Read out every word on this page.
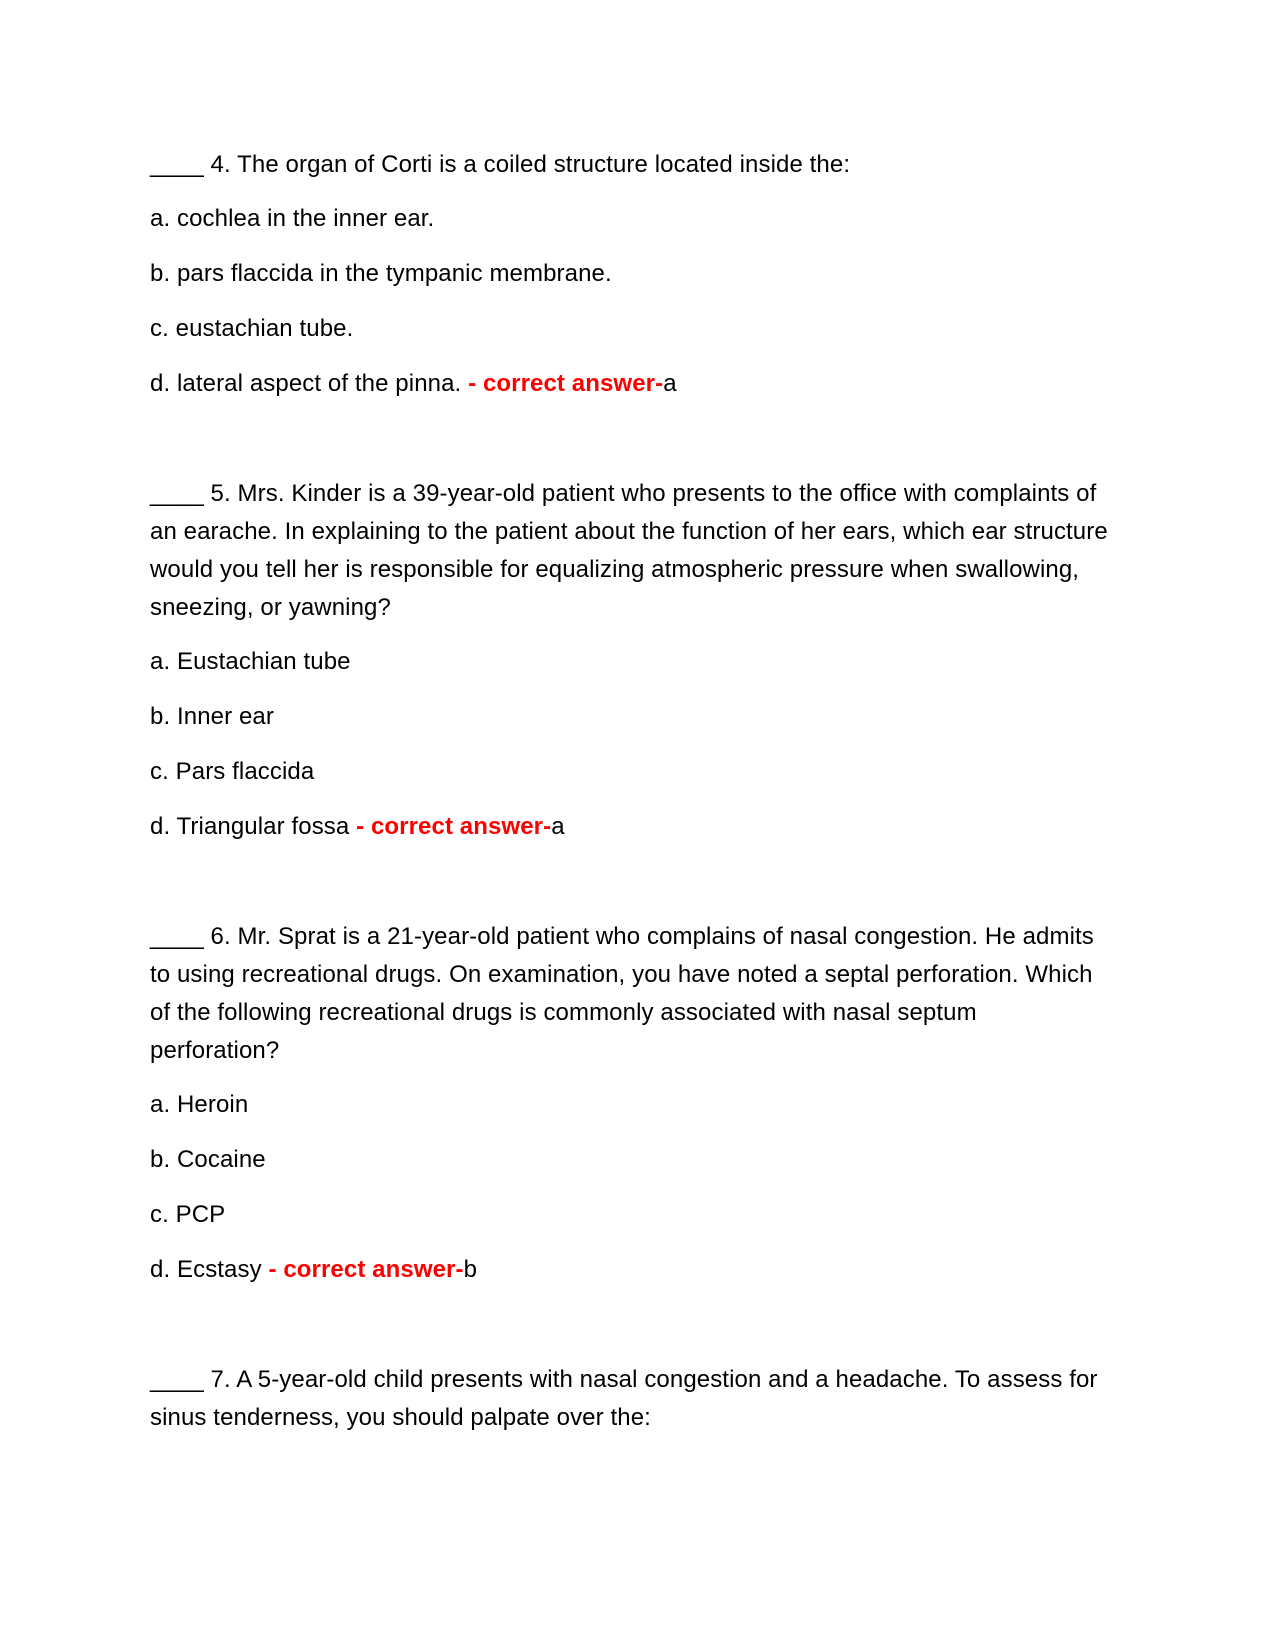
____ 4. The organ of Corti is a coiled structure located inside the:

a. cochlea in the inner ear.

b. pars flaccida in the tympanic membrane.

c. eustachian tube.

d. lateral aspect of the pinna. - correct answer-a

____ 5. Mrs. Kinder is a 39-year-old patient who presents to the office with complaints of an earache. In explaining to the patient about the function of her ears, which ear structure would you tell her is responsible for equalizing atmospheric pressure when swallowing, sneezing, or yawning?

a. Eustachian tube

b. Inner ear

c. Pars flaccida

d. Triangular fossa - correct answer-a

____ 6. Mr. Sprat is a 21-year-old patient who complains of nasal congestion. He admits to using recreational drugs. On examination, you have noted a septal perforation. Which of the following recreational drugs is commonly associated with nasal septum perforation?

a. Heroin

b. Cocaine

c. PCP

d. Ecstasy - correct answer-b

____ 7. A 5-year-old child presents with nasal congestion and a headache. To assess for sinus tenderness, you should palpate over the:
